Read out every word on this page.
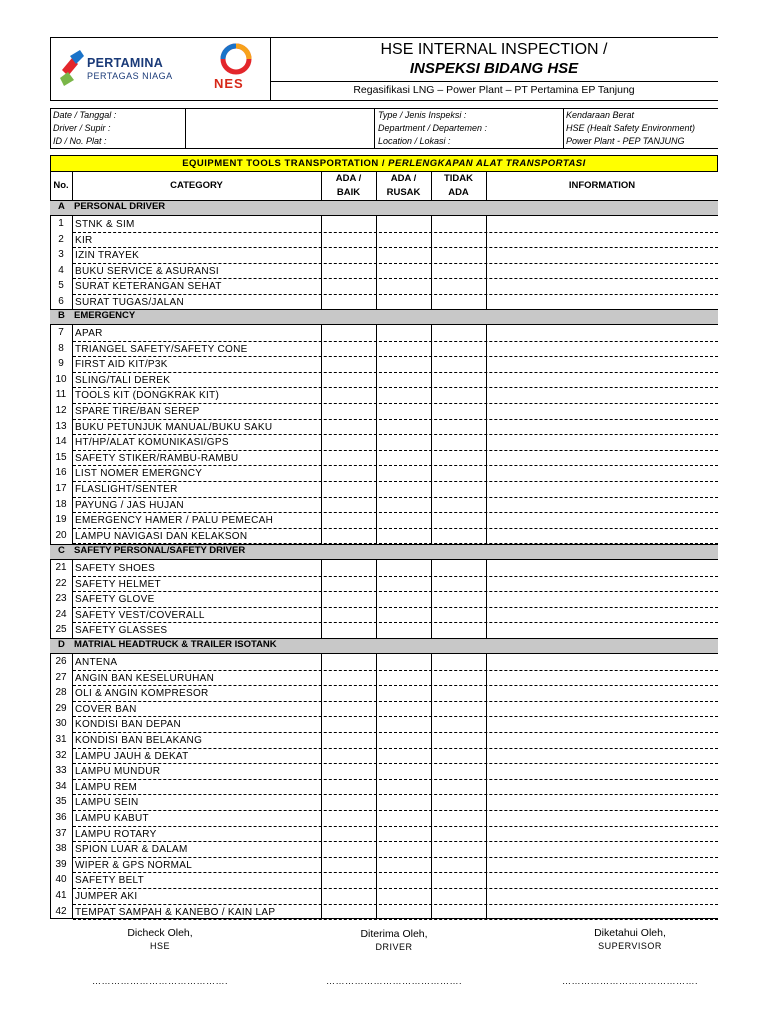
PERTAMINA
PERTAGAS NIAGA	NES
HSE INTERNAL INSPECTION /
INSPEKSI BIDANG HSE
Regasifikasi LNG – Power Plant – PT Pertamina EP Tanjung
Date / Tanggal :
Driver / Supir :
ID / No. Plat :
Type / Jenis Inspeksi :
Department / Departemen :
Location / Lokasi :
Kendaraan Berat
HSE (Healt Safety Environment)
Power Plant - PEP TANJUNG
EQUIPMENT TOOLS TRANSPORTATION / PERLENGKAPAN ALAT TRANSPORTASI
No.	CATEGORY
ADA /
BAIK
ADA /
RUSAK
TIDAK
ADA
INFORMATION
A PERSONAL DRIVER
1	STNK & SIM
2	KIR
3	IZIN TRAYEK
4	BUKU SERVICE & ASURANSI
5	SURAT KETERANGAN SEHAT
6	SURAT TUGAS/JALAN
B EMERGENCY
7	APAR
8	TRIANGEL SAFETY/SAFETY CONE
9	FIRST AID KIT/P3K
10 SLING/TALI DEREK
11 TOOLS KIT (DONGKRAK KIT)
12 SPARE TIRE/BAN SEREP
13 BUKU PETUNJUK MANUAL/BUKU SAKU
14 HT/HP/ALAT KOMUNIKASI/GPS
15 SAFETY STIKER/RAMBU-RAMBU
16 LIST NOMER EMERGNCY
17 FLASLIGHT/SENTER
18 PAYUNG / JAS HUJAN
19 EMERGENCY HAMER / PALU PEMECAH
20 LAMPU NAVIGASI DAN KELAKSON
C SAFETY PERSONAL/SAFETY DRIVER
21 SAFETY SHOES
22 SAFETY HELMET
23 SAFETY GLOVE
24 SAFETY VEST/COVERALL
25 SAFETY GLASSES
D MATRIAL HEADTRUCK & TRAILER ISOTANK
26 ANTENA
27 ANGIN BAN KESELURUHAN
28 OLI & ANGIN KOMPRESOR
29 COVER BAN
30 KONDISI BAN DEPAN
31 KONDISI BAN BELAKANG
32 LAMPU JAUH & DEKAT
33 LAMPU MUNDUR
34 LAMPU REM
35 LAMPU SEIN
36 LAMPU KABUT
37 LAMPU ROTARY
38 SPION LUAR & DALAM
39 WIPER & GPS NORMAL
40 SAFETY BELT
41 JUMPER AKI
42 TEMPAT SAMPAH & KANEBO / KAIN LAP
Dicheck Oleh,
HSE
Diterima Oleh,
DRIVER
Diketahui Oleh,
SUPERVISOR
…………………………………….	…………………………………….	…………………………………….
